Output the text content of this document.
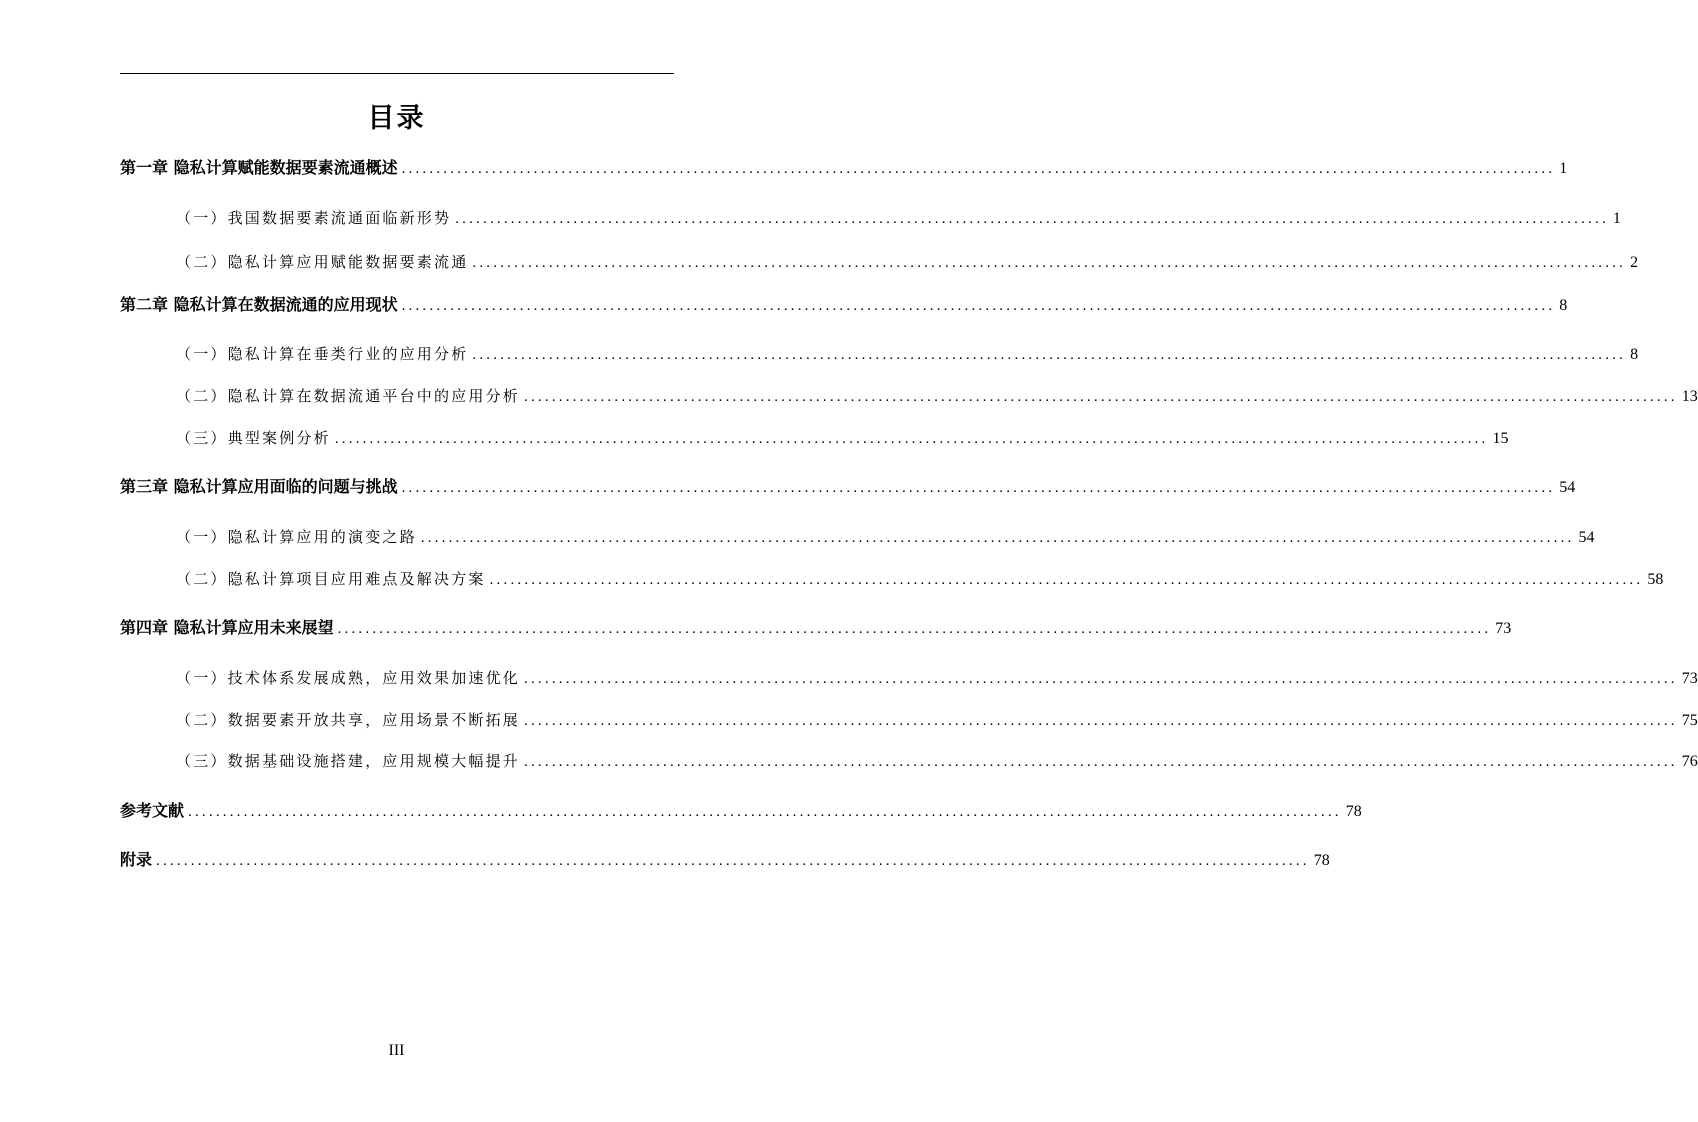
目录
第一章 隐私计算赋能数据要素流通概述 ...................................................................................................................................................................... 1
（一）我国数据要素流通面临新形势 ...................................................................................................................................................................... 1
（二）隐私计算应用赋能数据要素流通 ...................................................................................................................................................................... 2
第二章 隐私计算在数据流通的应用现状 ...................................................................................................................................................................... 8
（一）隐私计算在垂类行业的应用分析 ...................................................................................................................................................................... 8
（二）隐私计算在数据流通平台中的应用分析 ...................................................................................................................................................................... 13
（三）典型案例分析 ...................................................................................................................................................................... 15
第三章 隐私计算应用面临的问题与挑战 ...................................................................................................................................................................... 54
（一）隐私计算应用的演变之路 ...................................................................................................................................................................... 54
（二）隐私计算项目应用难点及解决方案 ...................................................................................................................................................................... 58
第四章 隐私计算应用未来展望 ...................................................................................................................................................................... 73
（一）技术体系发展成熟，应用效果加速优化 ...................................................................................................................................................................... 73
（二）数据要素开放共享，应用场景不断拓展 ...................................................................................................................................................................... 75
（三）数据基础设施搭建，应用规模大幅提升 ...................................................................................................................................................................... 76
参考文献 ...................................................................................................................................................................... 78
附录 ...................................................................................................................................................................... 78
III
